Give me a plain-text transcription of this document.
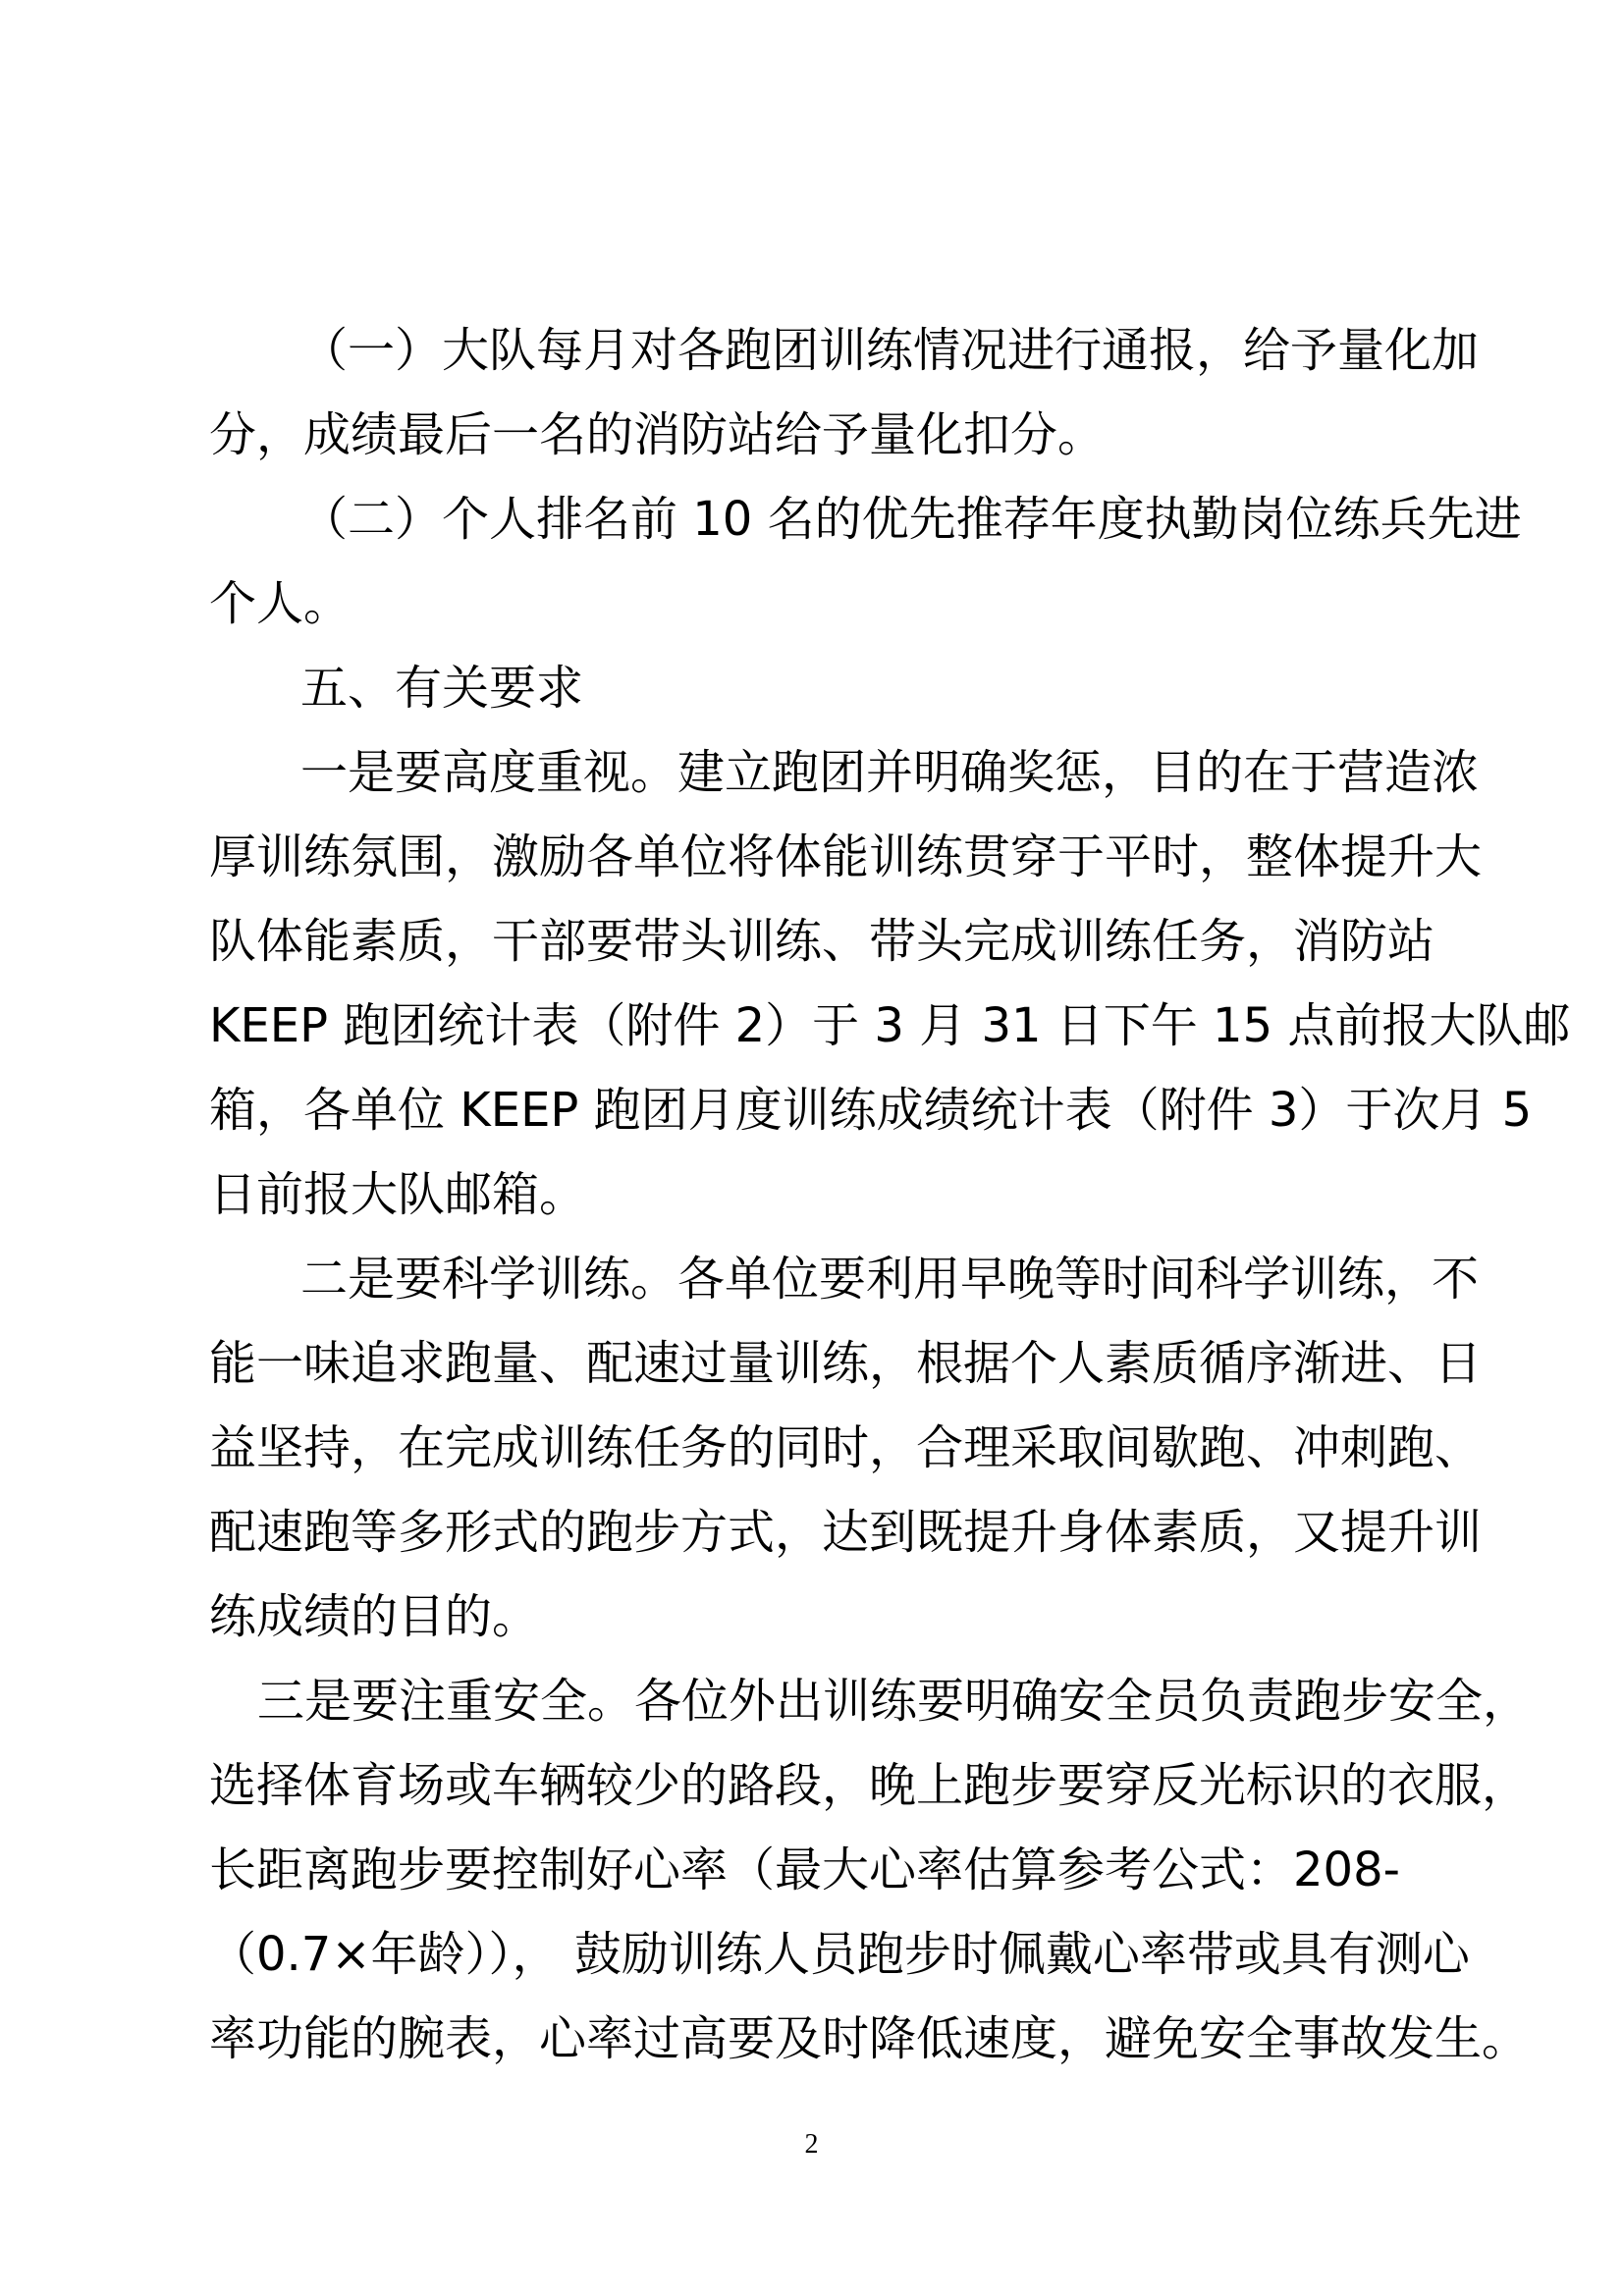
（一）大队每月对各跑团训练情况进行通报，给予量化加
分，成绩最后一名的消防站给予量化扣分。
（二）个人排名前 10 名的优先推荐年度执勤岗位练兵先进
个人。
五、有关要求
一是要高度重视。建立跑团并明确奖惩，目的在于营造浓
厚训练氛围，激励各单位将体能训练贯穿于平时，整体提升大
队体能素质，干部要带头训练、带头完成训练任务，消防站
KEEP 跑团统计表（附件 2）于 3 月 31 日下午 15 点前报大队邮
箱，各单位 KEEP 跑团月度训练成绩统计表（附件 3）于次月 5
日前报大队邮箱。
二是要科学训练。各单位要利用早晚等时间科学训练，不
能一味追求跑量、配速过量训练，根据个人素质循序渐进、日
益坚持，在完成训练任务的同时，合理采取间歇跑、冲刺跑、
配速跑等多形式的跑步方式，达到既提升身体素质，又提升训
练成绩的目的。
三是要注重安全。各位外出训练要明确安全员负责跑步安全，
选择体育场或车辆较少的路段，晚上跑步要穿反光标识的衣服，
长距离跑步要控制好心率（最大心率估算参考公式：208-
（0.7×年龄））， 鼓励训练人员跑步时佩戴心率带或具有测心
率功能的腕表，心率过高要及时降低速度，避免安全事故发生。
2
